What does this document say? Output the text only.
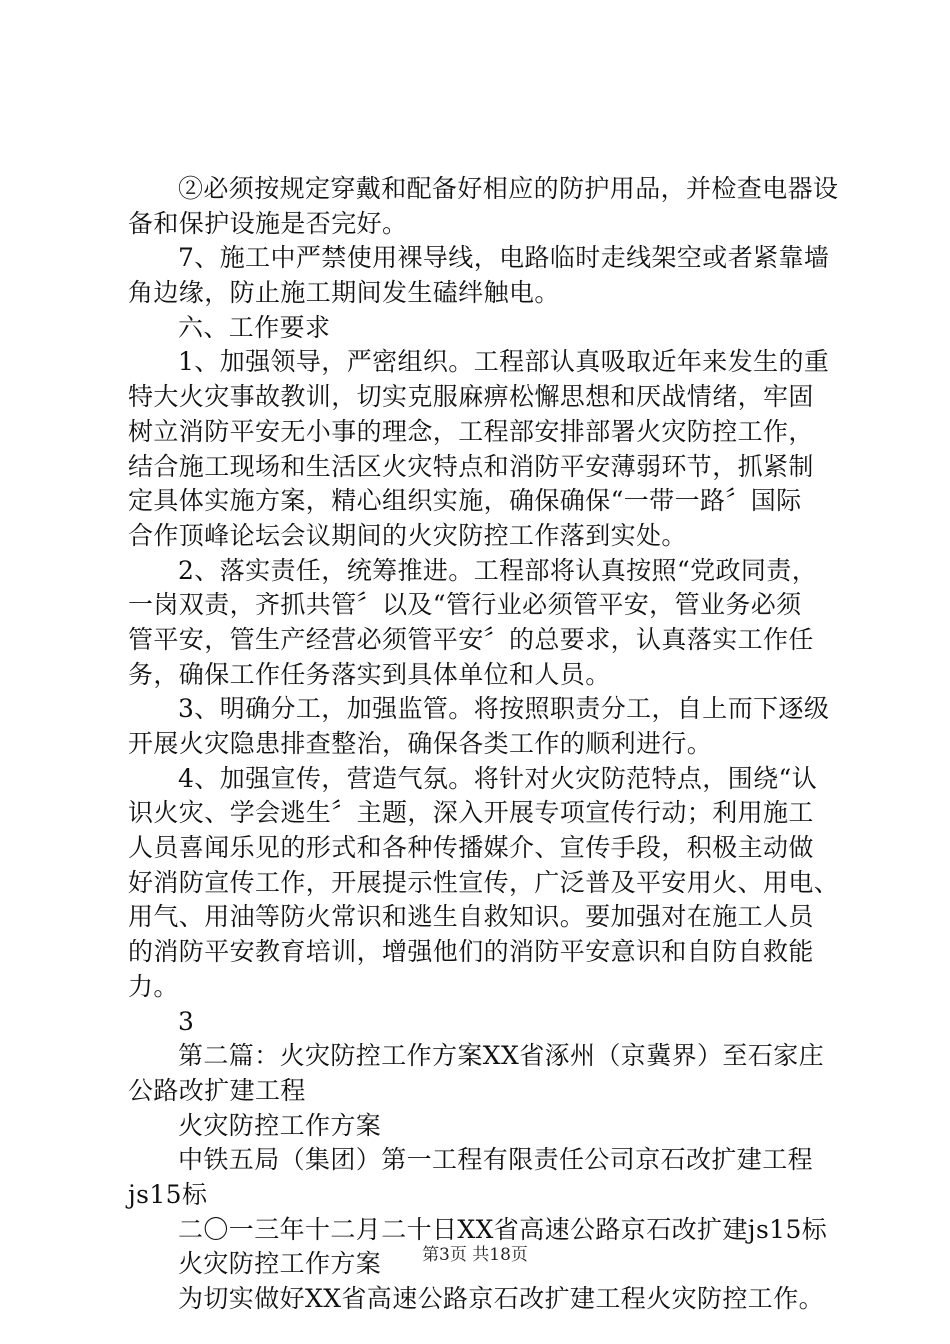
②必须按规定穿戴和配备好相应的防护用品，并检查电器设
备和保护设施是否完好。
7、施工中严禁使用裸导线，电路临时走线架空或者紧靠墙
角边缘，防止施工期间发生磕绊触电。
六、工作要求
1、加强领导，严密组织。工程部认真吸取近年来发生的重
特大火灾事故教训，切实克服麻痹松懈思想和厌战情绪，牢固
树立消防平安无小事的理念，工程部安排部署火灾防控工作，
结合施工现场和生活区火灾特点和消防平安薄弱环节，抓紧制
定具体实施方案，精心组织实施，确保确保“一带一路〞国际
合作顶峰论坛会议期间的火灾防控工作落到实处。
2、落实责任，统筹推进。工程部将认真按照“党政同责，
一岗双责，齐抓共管〞以及“管行业必须管平安，管业务必须
管平安，管生产经营必须管平安〞的总要求，认真落实工作任
务，确保工作任务落实到具体单位和人员。
3、明确分工，加强监管。将按照职责分工，自上而下逐级
开展火灾隐患排查整治，确保各类工作的顺利进行。
4、加强宣传，营造气氛。将针对火灾防范特点，围绕“认
识火灾、学会逃生〞主题，深入开展专项宣传行动；利用施工
人员喜闻乐见的形式和各种传播媒介、宣传手段，积极主动做
好消防宣传工作，开展提示性宣传，广泛普及平安用火、用电、
用气、用油等防火常识和逃生自救知识。要加强对在施工人员
的消防平安教育培训，增强他们的消防平安意识和自防自救能
力。
3
第二篇：火灾防控工作方案XX省涿州（京冀界）至石家庄
公路改扩建工程
火灾防控工作方案
中铁五局（集团）第一工程有限责任公司京石改扩建工程
js15标
二〇一三年十二月二十日XX省高速公路京石改扩建js15标
火灾防控工作方案
为切实做好XX省高速公路京石改扩建工程火灾防控工作。
第3页 共18页
